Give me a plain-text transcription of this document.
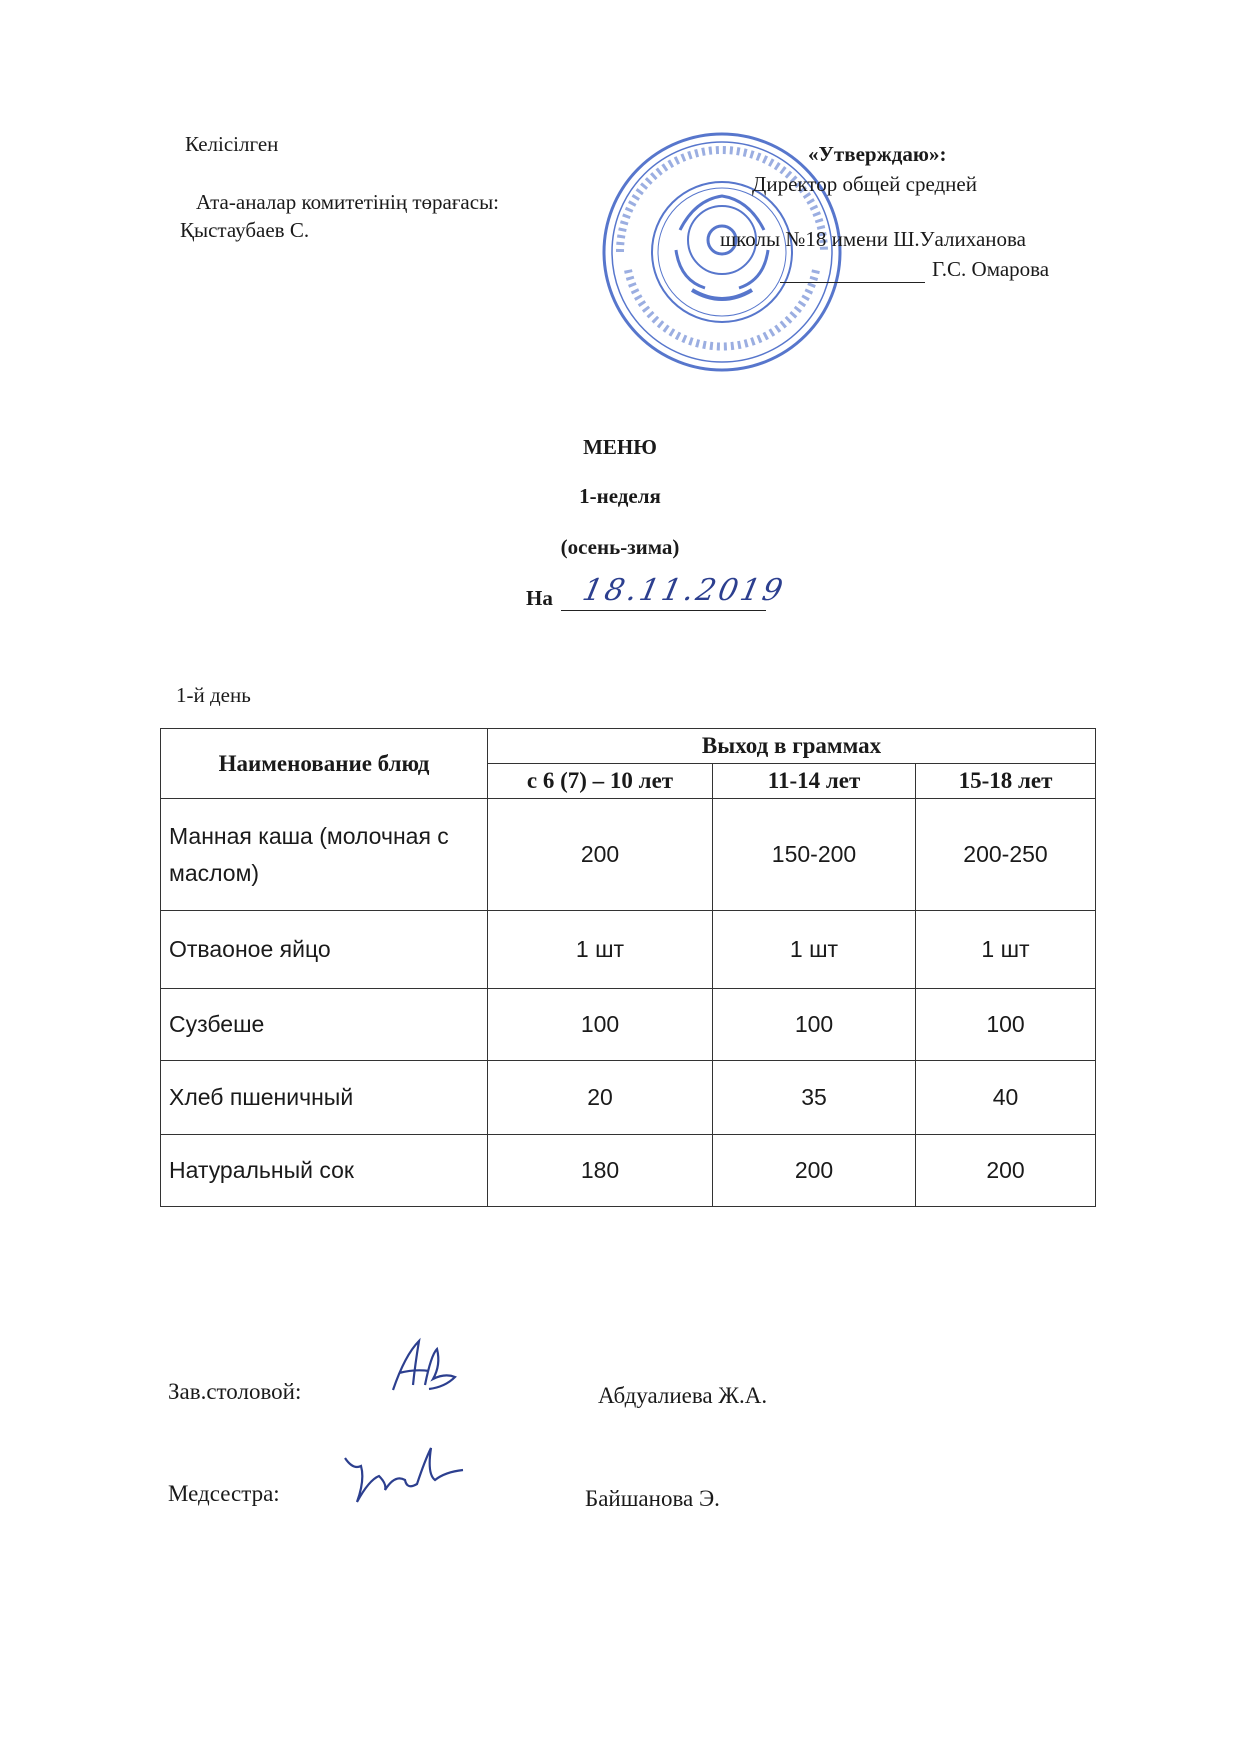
Келісілген
Ата-аналар комитетінің төрағасы:
Қыстаубаев С.
«Утверждаю»:
Директор общей средней
школы №18 имени Ш.Уалиханова
Г.С. Омарова
МЕНЮ
1-неделя
(осень-зима)
На 18.11.2019
1-й день
Наименование блюд	Выход в граммах		
	с 6 (7) – 10 лет	11-14 лет	15-18 лет
Манная каша (молочная с маслом)	200	150-200	200-250
Отваоное яйцо	1 шт	1 шт	1 шт
Сузбеше	100	100	100
Хлеб пшеничный	20	35	40
Натуральный сок	180	200	200
Зав.столовой:	Абдуалиева Ж.А.
Медсестра:	Байшанова Э.
